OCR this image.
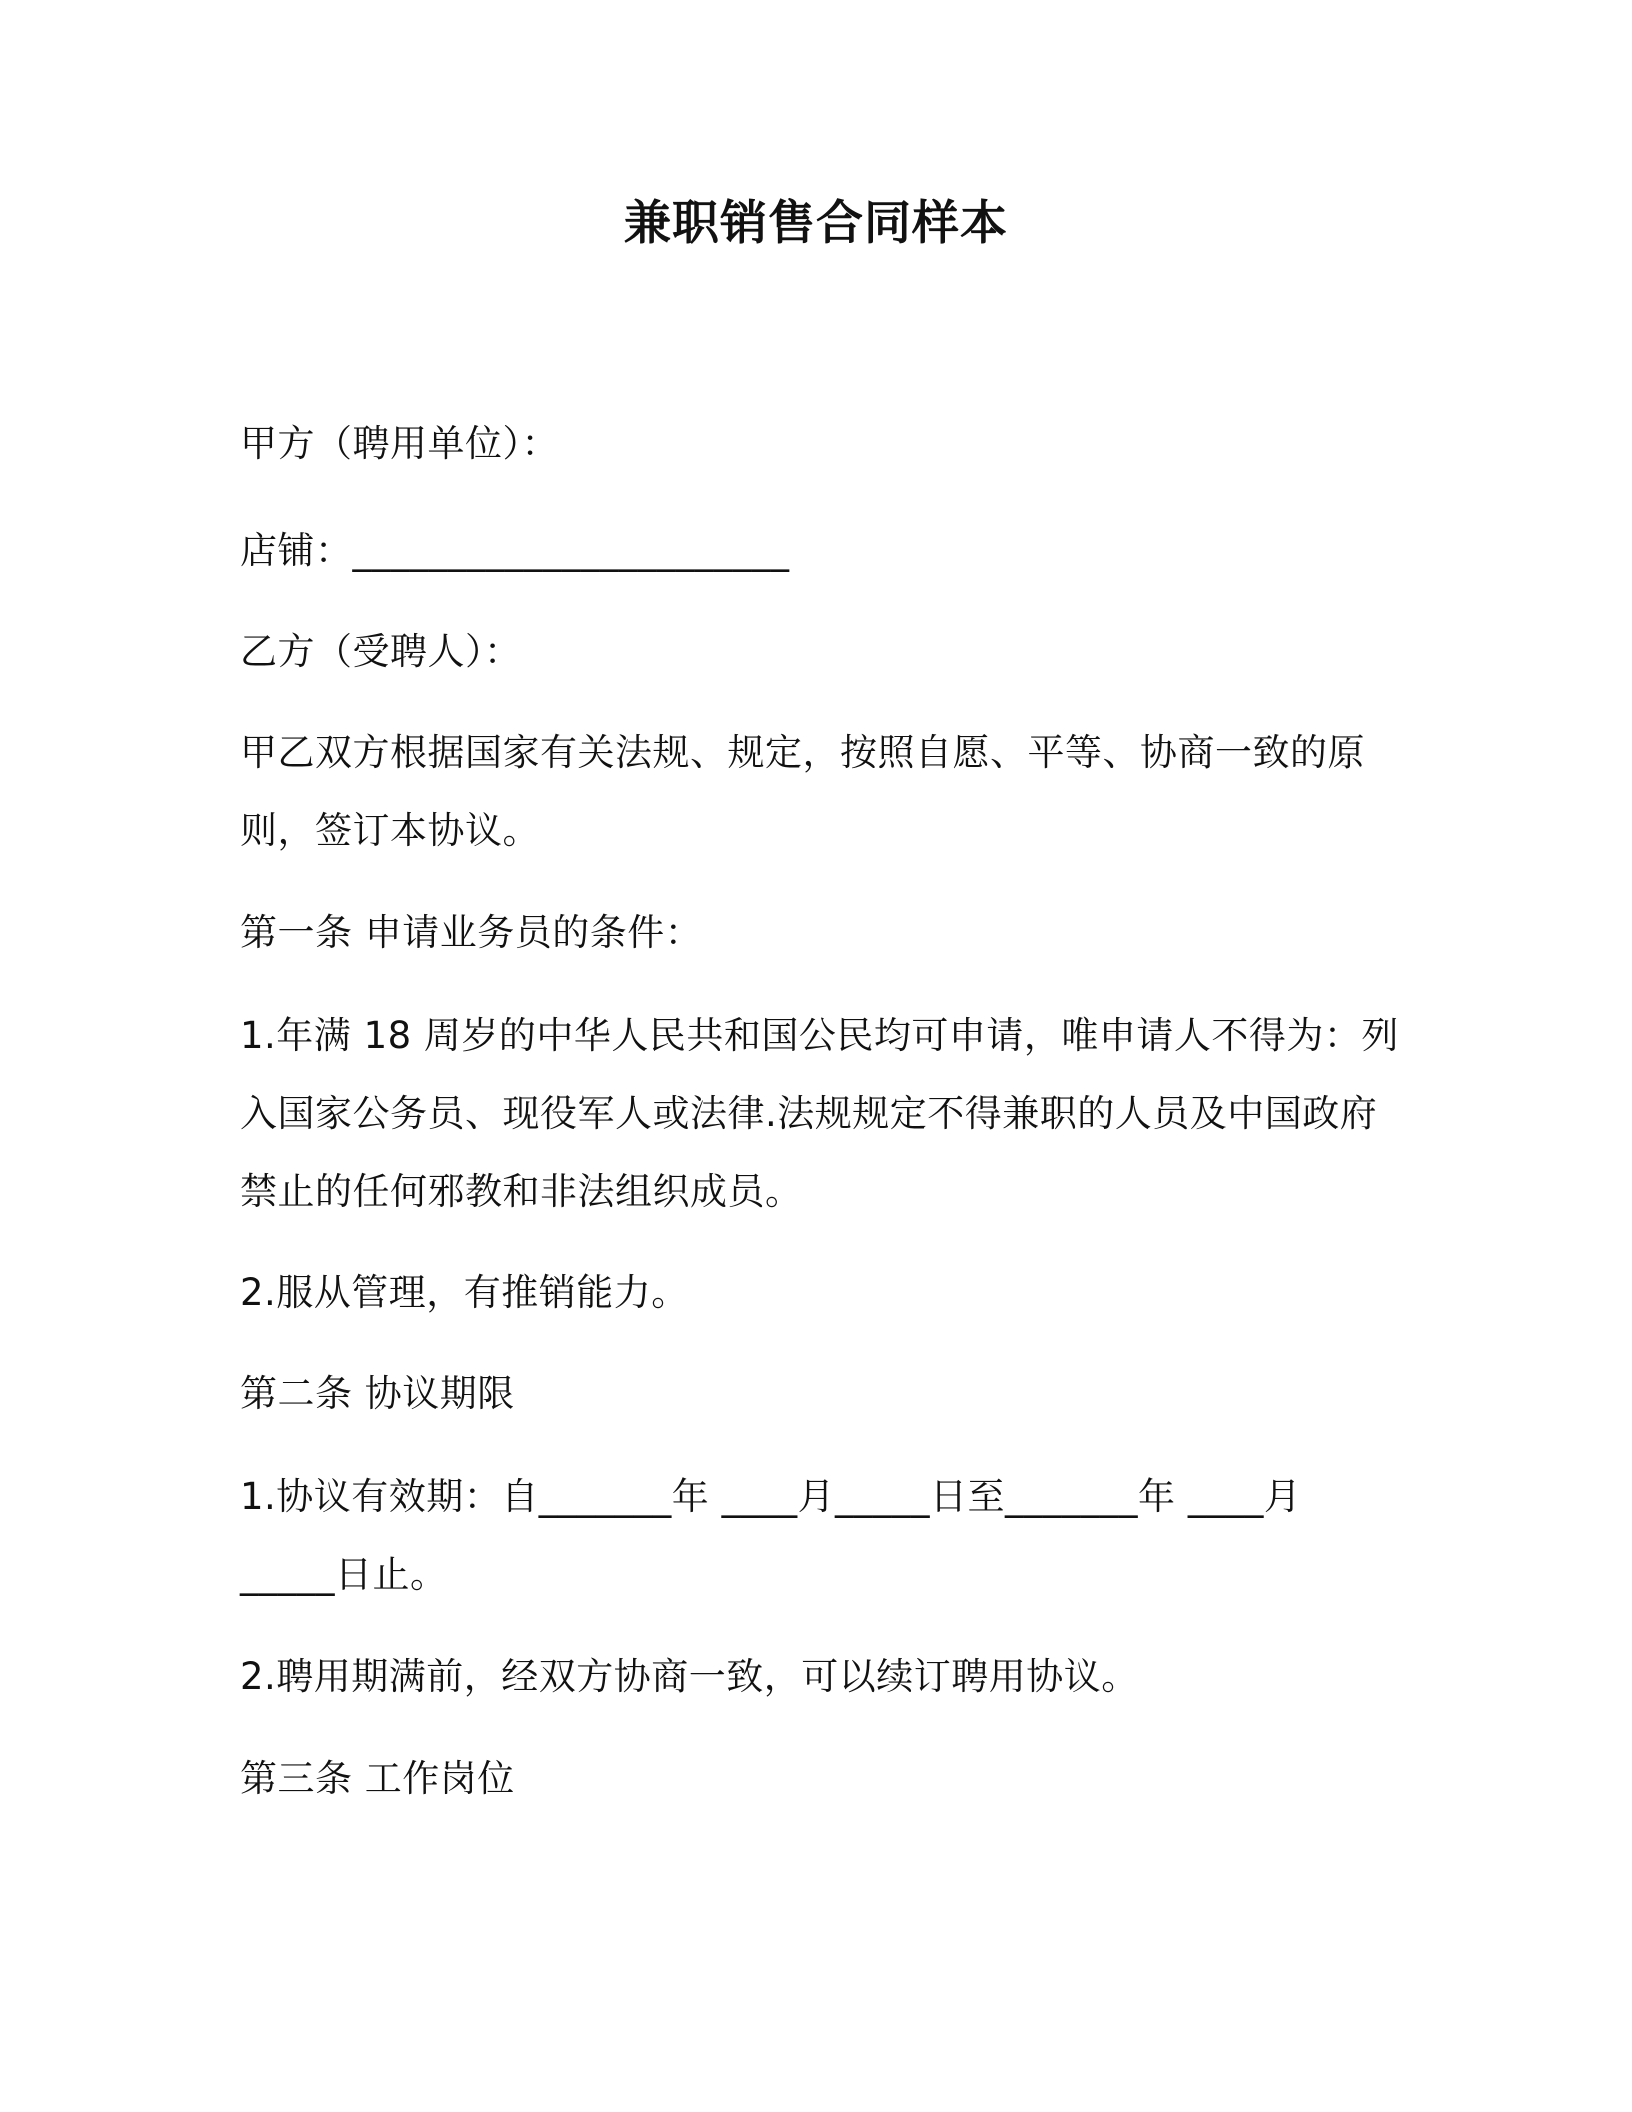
兼职销售合同样本
甲方（聘用单位）：
店铺：_______________________
乙方（受聘人）：
甲乙双方根据国家有关法规、规定，按照自愿、平等、协商一致的原
则，签订本协议。
第一条 申请业务员的条件：
1.年满 18 周岁的中华人民共和国公民均可申请，唯申请人不得为：列
入国家公务员、现役军人或法律.法规规定不得兼职的人员及中国政府
禁止的任何邪教和非法组织成员。
2.服从管理，有推销能力。
第二条 协议期限
1.协议有效期：自_______年 ____月_____日至_______年 ____月
_____日止。
2.聘用期满前，经双方协商一致，可以续订聘用协议。
第三条 工作岗位
